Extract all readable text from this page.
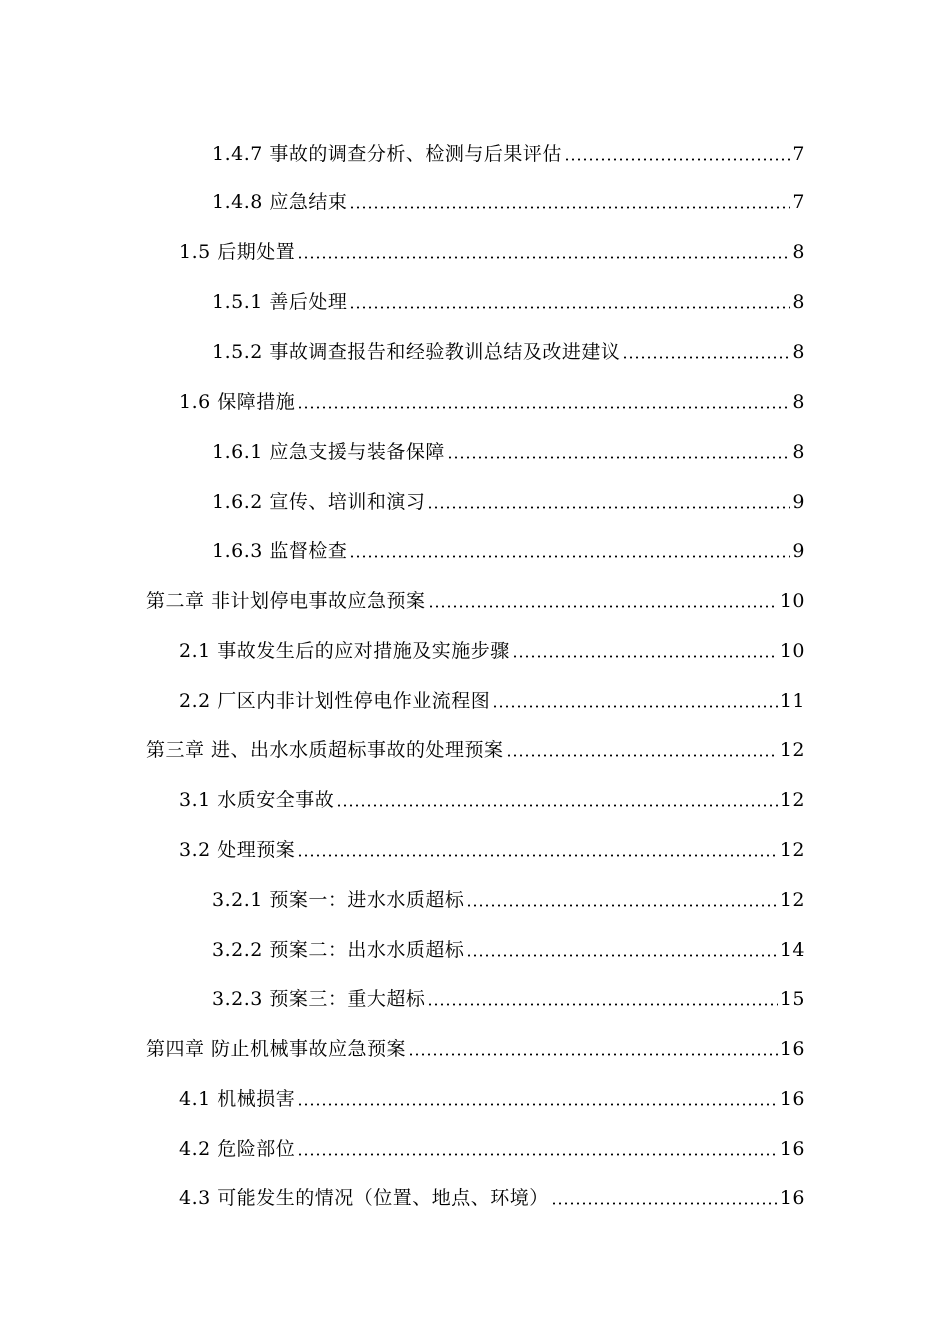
1.4.7 事故的调查分析、检测与后果评估	7
1.4.8 应急结束	7
1.5 后期处置	8
1.5.1 善后处理	8
1.5.2 事故调查报告和经验教训总结及改进建议	8
1.6 保障措施	8
1.6.1 应急支援与装备保障	8
1.6.2 宣传、培训和演习	9
1.6.3 监督检查	9
第二章 非计划停电事故应急预案	10
2.1 事故发生后的应对措施及实施步骤	10
2.2 厂区内非计划性停电作业流程图	11
第三章 进、出水水质超标事故的处理预案	12
3.1 水质安全事故	12
3.2 处理预案	12
3.2.1 预案一：进水水质超标	12
3.2.2 预案二：出水水质超标	14
3.2.3 预案三：重大超标	15
第四章 防止机械事故应急预案	16
4.1 机械损害	16
4.2 危险部位	16
4.3 可能发生的情况（位置、地点、环境）	16
